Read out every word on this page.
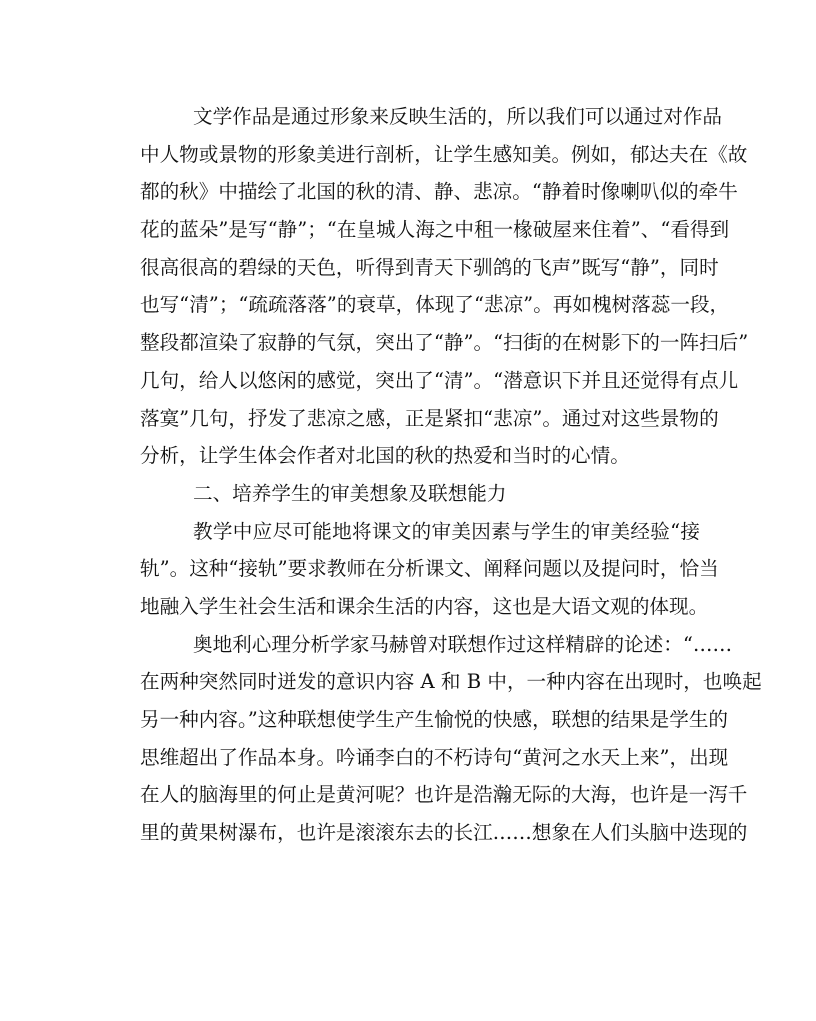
文学作品是通过形象来反映生活的，所以我们可以通过对作品
中人物或景物的形象美进行剖析，让学生感知美。例如，郁达夫在《故
都的秋》中描绘了北国的秋的清、静、悲凉。“静着时像喇叭似的牵牛
花的蓝朵”是写“静”；“在皇城人海之中租一椽破屋来住着”、“看得到
很高很高的碧绿的天色，听得到青天下驯鸽的飞声”既写“静”，同时
也写“清”；“疏疏落落”的衰草，体现了“悲凉”。再如槐树落蕊一段，
整段都渲染了寂静的气氛，突出了“静”。“扫街的在树影下的一阵扫后”
几句，给人以悠闲的感觉，突出了“清”。“潜意识下并且还觉得有点儿
落寞”几句，抒发了悲凉之感，正是紧扣“悲凉”。通过对这些景物的
分析，让学生体会作者对北国的秋的热爱和当时的心情。
二、培养学生的审美想象及联想能力
教学中应尽可能地将课文的审美因素与学生的审美经验“接
轨”。这种“接轨”要求教师在分析课文、阐释问题以及提问时，恰当
地融入学生社会生活和课余生活的内容，这也是大语文观的体现。
奥地利心理分析学家马赫曾对联想作过这样精辟的论述：“……
在两种突然同时迸发的意识内容 A 和 B 中，一种内容在出现时，也唤起
另一种内容。”这种联想使学生产生愉悦的快感，联想的结果是学生的
思维超出了作品本身。吟诵李白的不朽诗句“黄河之水天上来”，出现
在人的脑海里的何止是黄河呢？也许是浩瀚无际的大海，也许是一泻千
里的黄果树瀑布，也许是滚滚东去的长江……想象在人们头脑中迭现的
